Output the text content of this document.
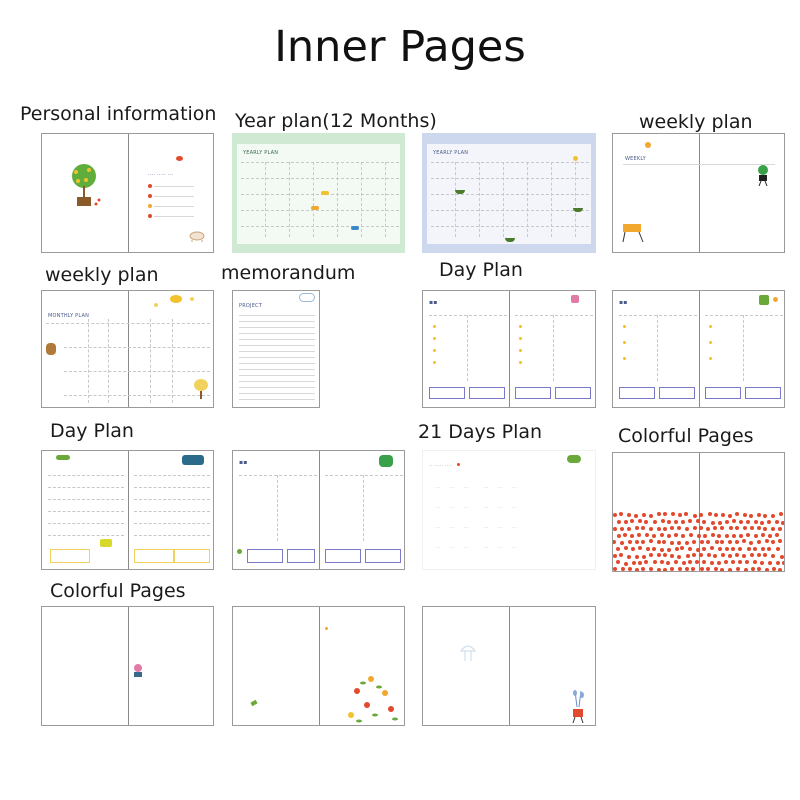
Inner Pages
Personal information Year plan(12 Months)	weekly plan
···· ····· ···
YEARLY PLAN	YEARLY PLAN
WEEKLY
weekly plan	memorandum	Day Plan
MONTHLY PLAN
PROJECT	▪▪	▪▪
Day Plan	21 Days Plan	Colorful Pages
▪▪	·· ····· ····
···     ···     ···        ···     ···     ···
···     ···     ···        ···     ···     ···
···     ···     ···        ···     ···     ···
···     ···     ···        ···     ···     ···
Colorful Pages
